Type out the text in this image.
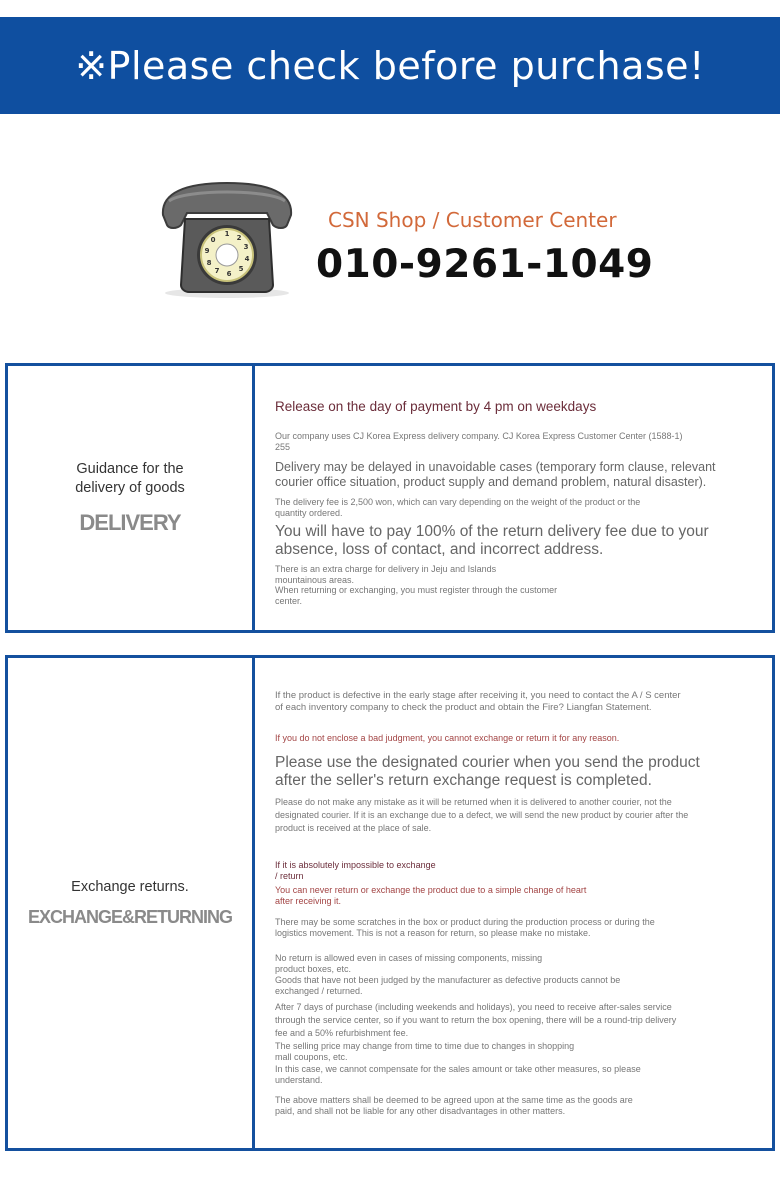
※Please check before purchase!
1 2
3
4
5
6
7
8
9
0
CSN Shop / Customer Center
010-9261-1049
Guidance for the
delivery of goods
DELIVERY
Release on the day of payment by 4 pm on weekdays
Our company uses CJ Korea Express delivery company. CJ Korea Express Customer Center (1588-1)
255
Delivery may be delayed in unavoidable cases (temporary form clause, relevant
courier office situation, product supply and demand problem, natural disaster).
The delivery fee is 2,500 won, which can vary depending on the weight of the product or the
quantity ordered.
You will have to pay 100% of the return delivery fee due to your
absence, loss of contact, and incorrect address.
There is an extra charge for delivery in Jeju and Islands
mountainous areas.
When returning or exchanging, you must register through the customer
center.
Exchange returns.
EXCHANGE&RETURNING
If the product is defective in the early stage after receiving it, you need to contact the A / S center
of each inventory company to check the product and obtain the Fire? Liangfan Statement.
If you do not enclose a bad judgment, you cannot exchange or return it for any reason.
Please use the designated courier when you send the product
after the seller's return exchange request is completed.
Please do not make any mistake as it will be returned when it is delivered to another courier, not the
designated courier. If it is an exchange due to a defect, we will send the new product by courier after the
product is received at the place of sale.
If it is absolutely impossible to exchange
/ return
You can never return or exchange the product due to a simple change of heart
after receiving it.
There may be some scratches in the box or product during the production process or during the
logistics movement. This is not a reason for return, so please make no mistake.
No return is allowed even in cases of missing components, missing
product boxes, etc.
Goods that have not been judged by the manufacturer as defective products cannot be
exchanged / returned.
After 7 days of purchase (including weekends and holidays), you need to receive after-sales service
through the service center, so if you want to return the box opening, there will be a round-trip delivery
fee and a 50% refurbishment fee.
The selling price may change from time to time due to changes in shopping
mall coupons, etc.
In this case, we cannot compensate for the sales amount or take other measures, so please
understand.
The above matters shall be deemed to be agreed upon at the same time as the goods are
paid, and shall not be liable for any other disadvantages in other matters.
